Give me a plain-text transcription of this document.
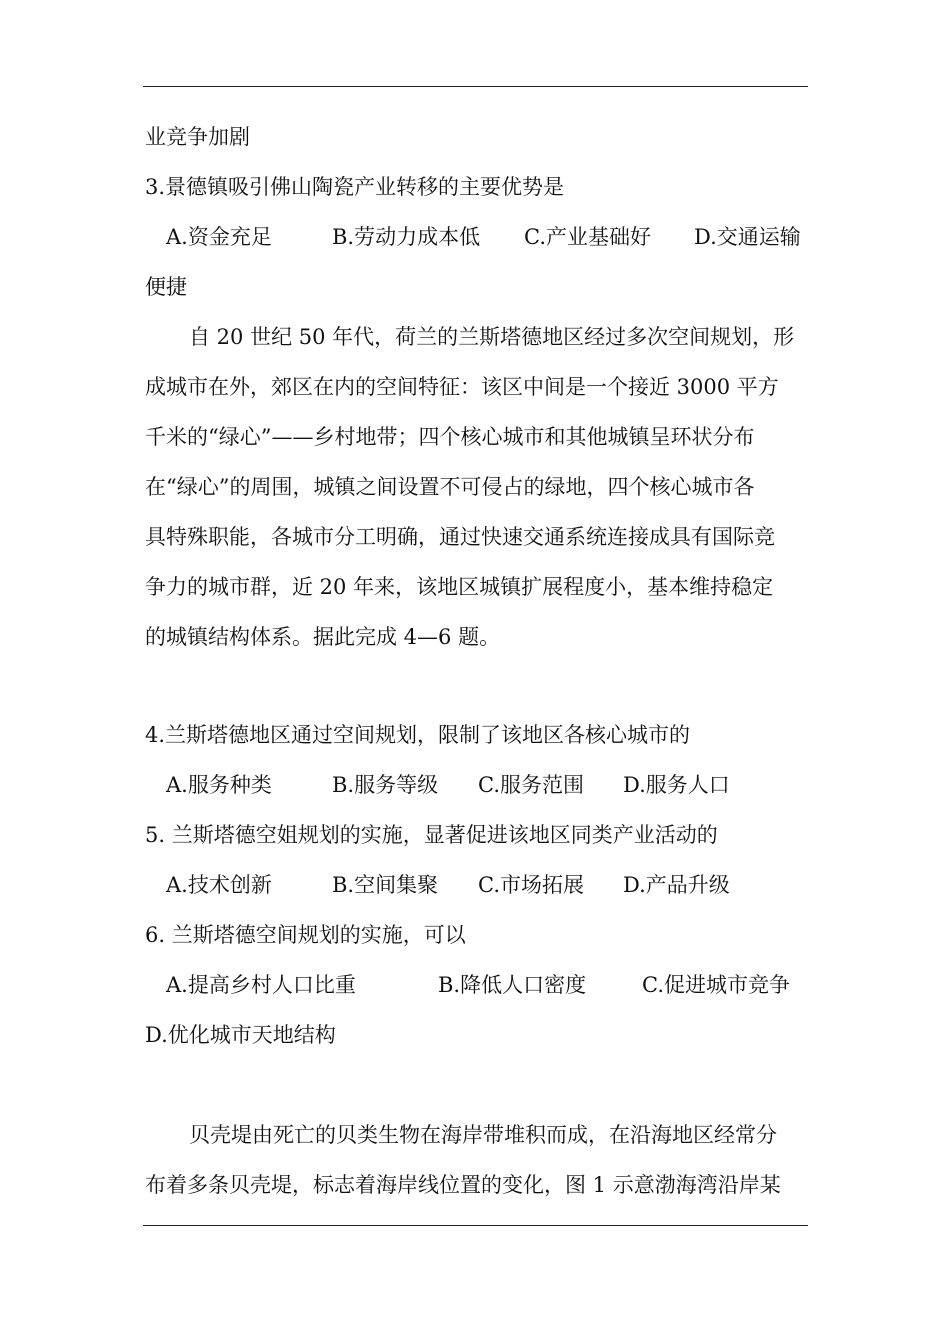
业竞争加剧
3.景德镇吸引佛山陶瓷产业转移的主要优势是
A.资金充足	B.劳动力成本低 C.产业基础好 D.交通运输
便捷
自 20 世纪 50 年代，荷兰的兰斯塔德地区经过多次空间规划，形
成城市在外，郊区在内的空间特征：该区中间是一个接近 3000 平方
千米的“绿心”——乡村地带；四个核心城市和其他城镇呈环状分布
在“绿心”的周围，城镇之间设置不可侵占的绿地，四个核心城市各
具特殊职能，各城市分工明确，通过快速交通系统连接成具有国际竞
争力的城市群，近 20 年来，该地区城镇扩展程度小，基本维持稳定
的城镇结构体系。据此完成 4—6 题。
4.兰斯塔德地区通过空间规划，限制了该地区各核心城市的
A.服务种类	B.服务等级 C.服务范围 D.服务人口
5. 兰斯塔德空姐规划的实施，显著促进该地区同类产业活动的
A.技术创新	B.空间集聚 C.市场拓展 D.产品升级
6. 兰斯塔德空间规划的实施，可以
A.提高乡村人口比重	B.降低人口密度	C.促进城市竞争
D.优化城市天地结构
贝壳堤由死亡的贝类生物在海岸带堆积而成，在沿海地区经常分
布着多条贝壳堤，标志着海岸线位置的变化，图 1 示意渤海湾沿岸某
